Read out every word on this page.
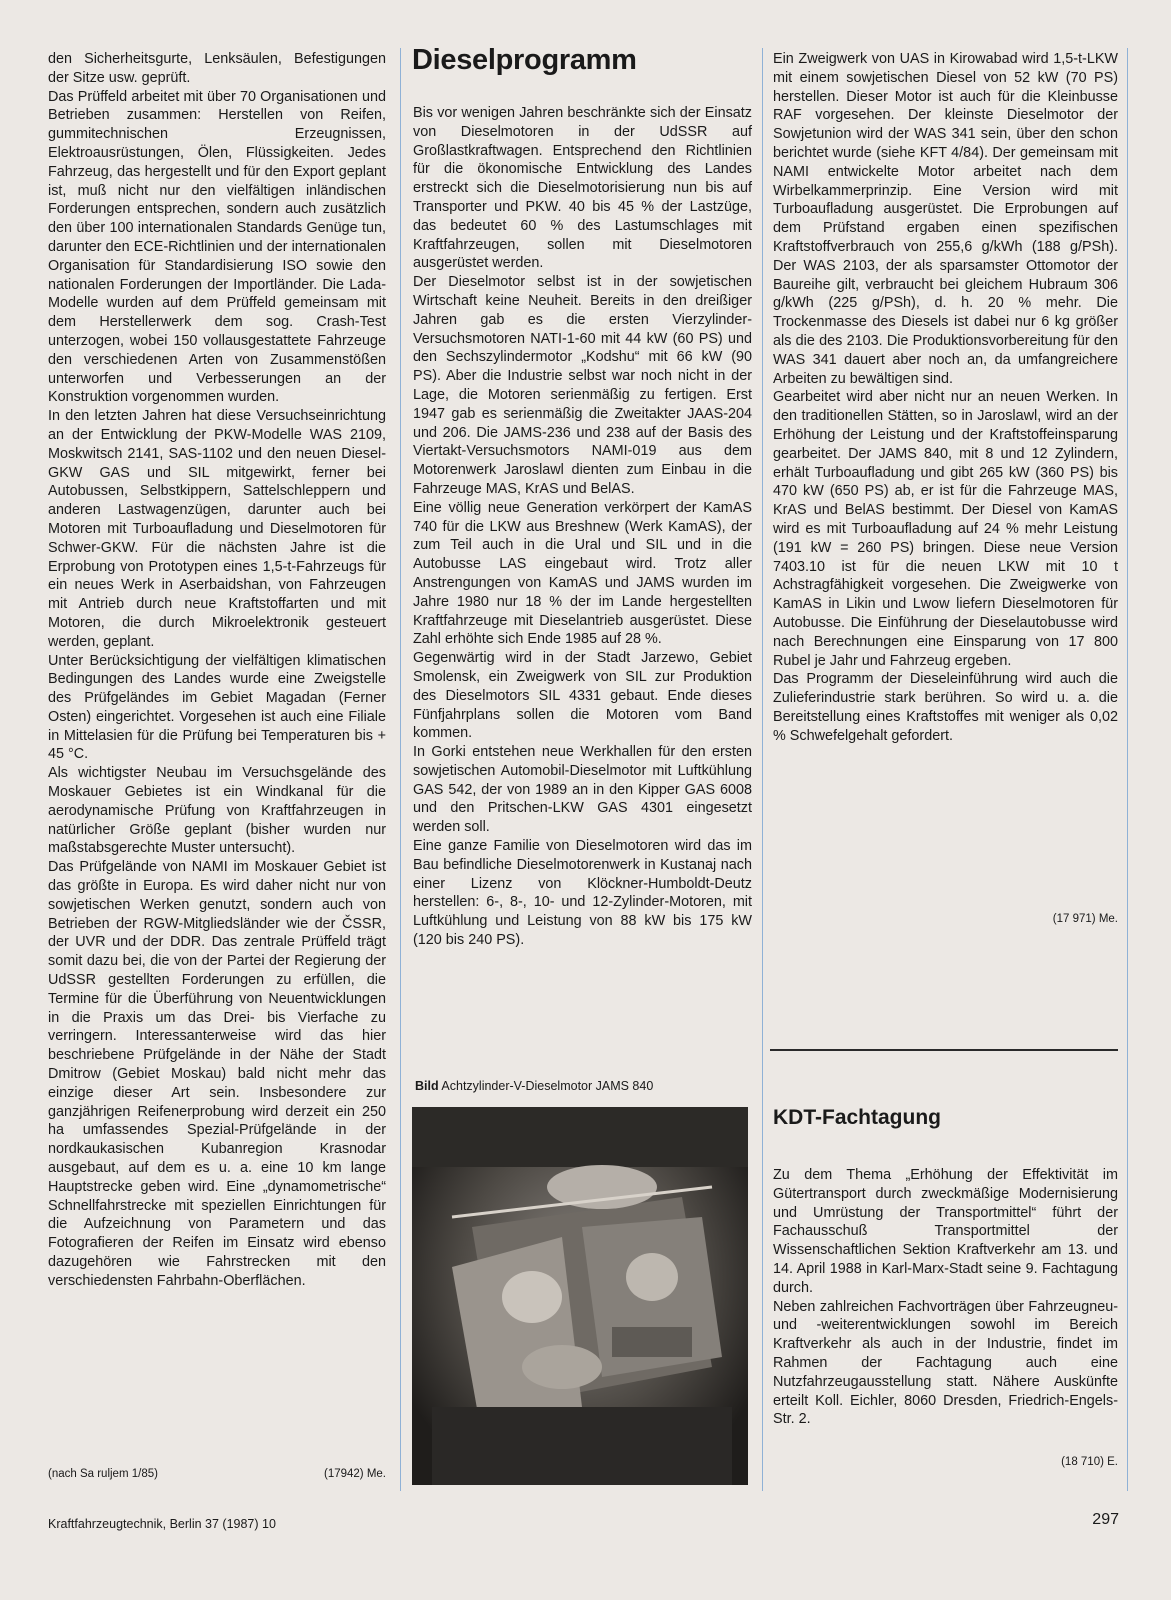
den Sicherheitsgurte, Lenksäulen, Befestigungen der Sitze usw. geprüft.

Das Prüffeld arbeitet mit über 70 Organisationen und Betrieben zusammen: Herstellen von Reifen, gummitechnischen Erzeugnissen, Elektroausrüstungen, Ölen, Flüssigkeiten. Jedes Fahrzeug, das hergestellt und für den Export geplant ist, muß nicht nur den vielfältigen inländischen Forderungen entsprechen, sondern auch zusätzlich den über 100 internationalen Standards Genüge tun, darunter den ECE-Richtlinien und der internationalen Organisation für Standardisierung ISO sowie den nationalen Forderungen der Importländer. Die Lada-Modelle wurden auf dem Prüffeld gemeinsam mit dem Herstellerwerk dem sog. Crash-Test unterzogen, wobei 150 vollausgestattete Fahrzeuge den verschiedenen Arten von Zusammenstößen unterworfen und Verbesserungen an der Konstruktion vorgenommen wurden.

In den letzten Jahren hat diese Versuchseinrichtung an der Entwicklung der PKW-Modelle WAS 2109, Moskwitsch 2141, SAS-1102 und den neuen Diesel-GKW GAS und SIL mitgewirkt, ferner bei Autobussen, Selbstkippern, Sattelschleppern und anderen Lastwagenzügen, darunter auch bei Motoren mit Turboaufladung und Dieselmotoren für Schwer-GKW. Für die nächsten Jahre ist die Erprobung von Prototypen eines 1,5-t-Fahrzeugs für ein neues Werk in Aserbaidshan, von Fahrzeugen mit Antrieb durch neue Kraftstoffarten und mit Motoren, die durch Mikroelektronik gesteuert werden, geplant.

Unter Berücksichtigung der vielfältigen klimatischen Bedingungen des Landes wurde eine Zweigstelle des Prüfgeländes im Gebiet Magadan (Ferner Osten) eingerichtet. Vorgesehen ist auch eine Filiale in Mittelasien für die Prüfung bei Temperaturen bis + 45 °C.

Als wichtigster Neubau im Versuchsgelände des Moskauer Gebietes ist ein Windkanal für die aerodynamische Prüfung von Kraftfahrzeugen in natürlicher Größe geplant (bisher wurden nur maßstabsgerechte Muster untersucht).

Das Prüfgelände von NAMI im Moskauer Gebiet ist das größte in Europa. Es wird daher nicht nur von sowjetischen Werken genutzt, sondern auch von Betrieben der RGW-Mitgliedsländer wie der ČSSR, der UVR und der DDR. Das zentrale Prüffeld trägt somit dazu bei, die von der Partei der Regierung der UdSSR gestellten Forderungen zu erfüllen, die Termine für die Überführung von Neuentwicklungen in die Praxis um das Drei- bis Vierfache zu verringern. Interessanterweise wird das hier beschriebene Prüfgelände in der Nähe der Stadt Dmitrow (Gebiet Moskau) bald nicht mehr das einzige dieser Art sein. Insbesondere zur ganzjährigen Reifenerprobung wird derzeit ein 250 ha umfassendes Spezial-Prüfgelände in der nordkaukasischen Kubanregion Krasnodar ausgebaut, auf dem es u. a. eine 10 km lange Hauptstrecke geben wird. Eine „dynamometrische“ Schnellfahrstrecke mit speziellen Einrichtungen für die Aufzeichnung von Parametern und das Fotografieren der Reifen im Einsatz wird ebenso dazugehören wie Fahrstrecken mit den verschiedensten Fahrbahn-Oberflächen.

(nach Sa ruljem 1/85)	(17942) Me.
Dieselprogramm

Bis vor wenigen Jahren beschränkte sich der Einsatz von Dieselmotoren in der UdSSR auf Großlastkraftwagen. Entsprechend den Richtlinien für die ökonomische Entwicklung des Landes erstreckt sich die Dieselmotorisierung nun bis auf Transporter und PKW. 40 bis 45 % der Lastzüge, das bedeutet 60 % des Lastumschlages mit Kraftfahrzeugen, sollen mit Dieselmotoren ausgerüstet werden.

Der Dieselmotor selbst ist in der sowjetischen Wirtschaft keine Neuheit. Bereits in den dreißiger Jahren gab es die ersten Vierzylinder-Versuchsmotoren NATI-1-60 mit 44 kW (60 PS) und den Sechszylindermotor „Kodshu“ mit 66 kW (90 PS). Aber die Industrie selbst war noch nicht in der Lage, die Motoren serienmäßig zu fertigen. Erst 1947 gab es serienmäßig die Zweitakter JAAS-204 und 206. Die JAMS-236 und 238 auf der Basis des Viertakt-Versuchsmotors NAMI-019 aus dem Motorenwerk Jaroslawl dienten zum Einbau in die Fahrzeuge MAS, KrAS und BelAS.

Eine völlig neue Generation verkörpert der KamAS 740 für die LKW aus Breshnew (Werk KamAS), der zum Teil auch in die Ural und SIL und in die Autobusse LAS eingebaut wird. Trotz aller Anstrengungen von KamAS und JAMS wurden im Jahre 1980 nur 18 % der im Lande hergestellten Kraftfahrzeuge mit Dieselantrieb ausgerüstet. Diese Zahl erhöhte sich Ende 1985 auf 28 %.

Gegenwärtig wird in der Stadt Jarzewo, Gebiet Smolensk, ein Zweigwerk von SIL zur Produktion des Dieselmotors SIL 4331 gebaut. Ende dieses Fünfjahrplans sollen die Motoren vom Band kommen.

In Gorki entstehen neue Werkhallen für den ersten sowjetischen Automobil-Dieselmotor mit Luftkühlung GAS 542, der von 1989 an in den Kipper GAS 6008 und den Pritschen-LKW GAS 4301 eingesetzt werden soll.

Eine ganze Familie von Dieselmotoren wird das im Bau befindliche Dieselmotorenwerk in Kustanaj nach einer Lizenz von Klöckner-Humboldt-Deutz herstellen: 6-, 8-, 10- und 12-Zylinder-Motoren, mit Luftkühlung und Leistung von 88 kW bis 175 kW (120 bis 240 PS).

Bild Achtzylinder-V-Dieselmotor JAMS 840

Ein Zweigwerk von UAS in Kirowabad wird 1,5-t-LKW mit einem sowjetischen Diesel von 52 kW (70 PS) herstellen. Dieser Motor ist auch für die Kleinbusse RAF vorgesehen. Der kleinste Dieselmotor der Sowjetunion wird der WAS 341 sein, über den schon berichtet wurde (siehe KFT 4/84). Der gemeinsam mit NAMI entwickelte Motor arbeitet nach dem Wirbelkammerprinzip. Eine Version wird mit Turboaufladung ausgerüstet. Die Erprobungen auf dem Prüfstand ergaben einen spezifischen Kraftstoffverbrauch von 255,6 g/kWh (188 g/PSh). Der WAS 2103, der als sparsamster Ottomotor der Baureihe gilt, verbraucht bei gleichem Hubraum 306 g/kWh (225 g/PSh), d. h. 20 % mehr. Die Trockenmasse des Diesels ist dabei nur 6 kg größer als die des 2103. Die Produktionsvorbereitung für den WAS 341 dauert aber noch an, da umfangreichere Arbeiten zu bewältigen sind.

Gearbeitet wird aber nicht nur an neuen Werken. In den traditionellen Stätten, so in Jaroslawl, wird an der Erhöhung der Leistung und der Kraftstoffeinsparung gearbeitet. Der JAMS 840, mit 8 und 12 Zylindern, erhält Turboaufladung und gibt 265 kW (360 PS) bis 470 kW (650 PS) ab, er ist für die Fahrzeuge MAS, KrAS und BelAS bestimmt. Der Diesel von KamAS wird es mit Turboaufladung auf 24 % mehr Leistung (191 kW = 260 PS) bringen. Diese neue Version 7403.10 ist für die neuen LKW mit 10 t Achstragfähigkeit vorgesehen. Die Zweigwerke von KamAS in Likin und Lwow liefern Dieselmotoren für Autobusse. Die Einführung der Dieselautobusse wird nach Berechnungen eine Einsparung von 17 800 Rubel je Jahr und Fahrzeug ergeben.

Das Programm der Dieseleinführung wird auch die Zulieferindustrie stark berühren. So wird u. a. die Bereitstellung eines Kraftstoffes mit weniger als 0,02 % Schwefelgehalt gefordert.

(17 971) Me.
KDT-Fachtagung

Zu dem Thema „Erhöhung der Effektivität im Gütertransport durch zweckmäßige Modernisierung und Umrüstung der Transportmittel“ führt der Fachausschuß Transportmittel der Wissenschaftlichen Sektion Kraftverkehr am 13. und 14. April 1988 in Karl-Marx-Stadt seine 9. Fachtagung durch.

Neben zahlreichen Fachvorträgen über Fahrzeugneu- und -weiterentwicklungen sowohl im Bereich Kraftverkehr als auch in der Industrie, findet im Rahmen der Fachtagung auch eine Nutzfahrzeugausstellung statt. Nähere Auskünfte erteilt Koll. Eichler, 8060 Dresden, Friedrich-Engels-Str. 2.

(18 710) E.
Kraftfahrzeugtechnik, Berlin 37 (1987) 10	297
